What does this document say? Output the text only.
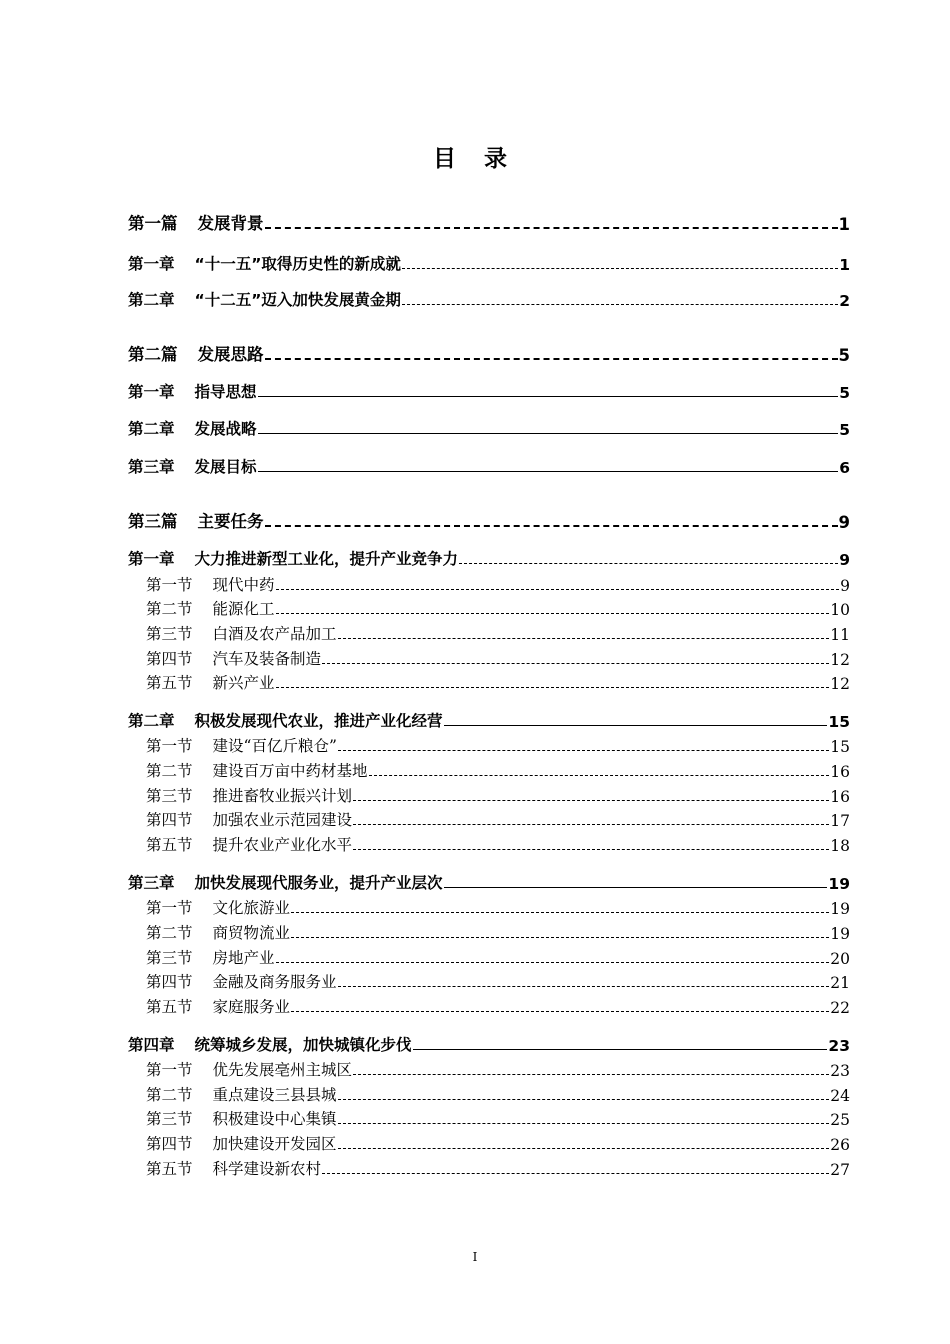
目 录
第一篇 发展背景	1
第一章 “十一五”取得历史性的新成就	1
第二章 “十二五”迈入加快发展黄金期	2
第二篇 发展思路	5
第一章 指导思想	5
第二章 发展战略	5
第三章 发展目标	6
第三篇 主要任务	9
第一章 大力推进新型工业化，提升产业竞争力	9
第一节 现代中药	9
第二节 能源化工	10
第三节 白酒及农产品加工	11
第四节 汽车及装备制造	12
第五节 新兴产业	12
第二章 积极发展现代农业，推进产业化经营	15
第一节 建设“百亿斤粮仓”	15
第二节 建设百万亩中药材基地	16
第三节 推进畜牧业振兴计划	16
第四节 加强农业示范园建设	17
第五节 提升农业产业化水平	18
第三章 加快发展现代服务业，提升产业层次	19
第一节 文化旅游业	19
第二节 商贸物流业	19
第三节 房地产业	20
第四节 金融及商务服务业	21
第五节 家庭服务业	22
第四章 统筹城乡发展，加快城镇化步伐	23
第一节 优先发展亳州主城区	23
第二节 重点建设三县县城	24
第三节 积极建设中心集镇	25
第四节 加快建设开发园区	26
第五节 科学建设新农村	27
I
